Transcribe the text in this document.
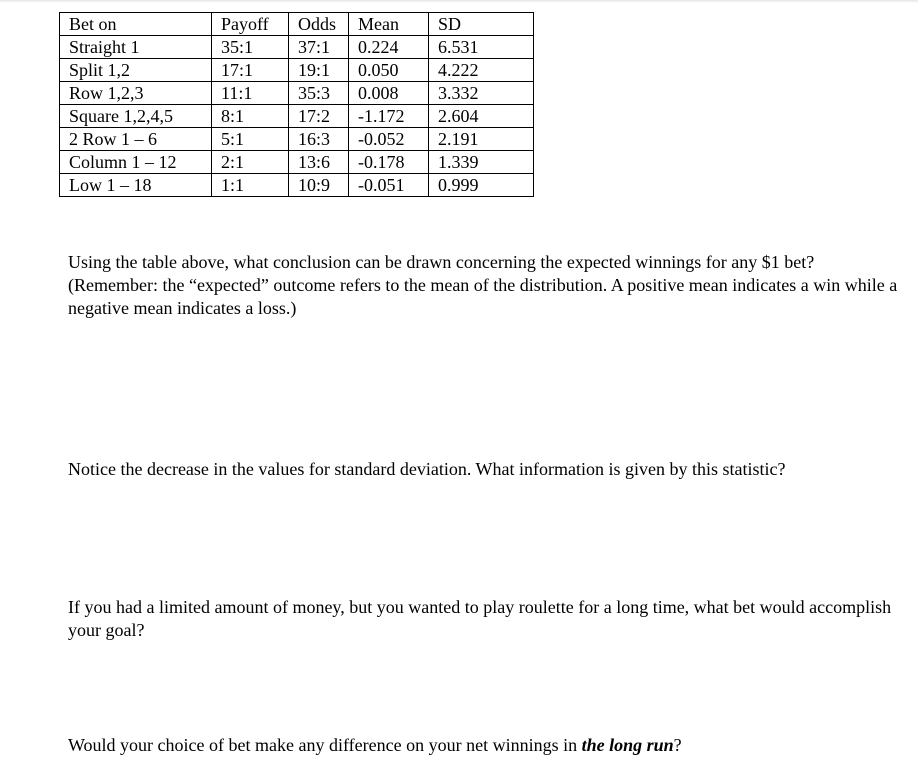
Bet on	Payoff	Odds	Mean	SD
Straight 1	35:1	37:1	0.224	6.531
Split 1,2	17:1	19:1	0.050	4.222
Row 1,2,3	11:1	35:3	0.008	3.332
Square 1,2,4,5	8:1	17:2	-1.172	2.604
2 Row 1 – 6	5:1	16:3	-0.052	2.191
Column 1 – 12	2:1	13:6	-0.178	1.339
Low 1 – 18	1:1	10:9	-0.051	0.999

Using the table above, what conclusion can be drawn concerning the expected winnings for any $1 bet? (Remember: the “expected” outcome refers to the mean of the distribution. A positive mean indicates a win while a negative mean indicates a loss.)

Notice the decrease in the values for standard deviation. What information is given by this statistic?

If you had a limited amount of money, but you wanted to play roulette for a long time, what bet would accomplish your goal?

Would your choice of bet make any difference on your net winnings in the long run?
